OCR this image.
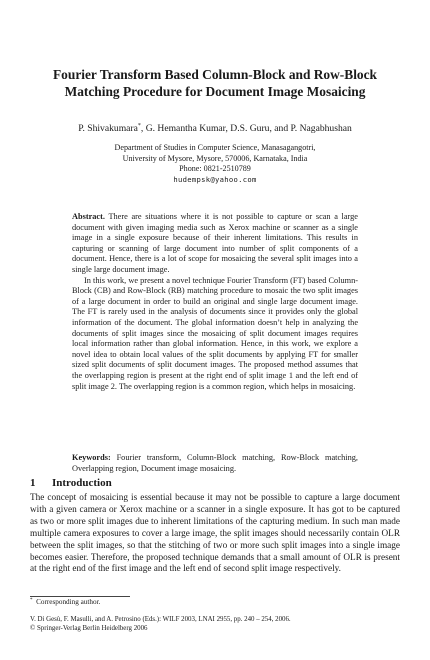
Fourier Transform Based Column-Block and Row-Block
Matching Procedure for Document Image Mosaicing
P. Shivakumara*, G. Hemantha Kumar, D.S. Guru, and P. Nagabhushan
Department of Studies in Computer Science, Manasagangotri,
University of Mysore, Mysore, 570006, Karnataka, India
Phone: 0821-2510789
hudempsk@yahoo.com

Abstract. There are situations where it is not possible to capture or scan a large document with given imaging media such as Xerox machine or scanner as a single image in a single exposure because of their inherent limitations. This results in capturing or scanning of large document into number of split components of a document. Hence, there is a lot of scope for mosaicing the several split images into a single large document image.

In this work, we present a novel technique Fourier Transform (FT) based Column-Block (CB) and Row-Block (RB) matching procedure to mosaic the two split images of a large document in order to build an original and single large document image. The FT is rarely used in the analysis of documents since it provides only the global information of the document. The global information doesn’t help in analyzing the documents of split images since the mosaicing of split document images requires local information rather than global information. Hence, in this work, we explore a novel idea to obtain local values of the split documents by applying FT for smaller sized split documents of split document images. The proposed method assumes that the overlapping region is present at the right end of split image 1 and the left end of split image 2. The overlapping region is a common region, which helps in mosaicing.

Keywords: Fourier transform, Column-Block matching, Row-Block matching, Overlapping region, Document image mosaicing.
1 Introduction

The concept of mosaicing is essential because it may not be possible to capture a large document with a given camera or Xerox machine or a scanner in a single exposure. It has got to be captured as two or more split images due to inherent limitations of the capturing medium. In such man made multiple camera exposures to cover a large image, the split images should necessarily contain OLR between the split images, so that the stitching of two or more such split images into a single image becomes easier. Therefore, the proposed technique demands that a small amount of OLR is present at the right end of the first image and the left end of second split image respectively.

* Corresponding author.
V. Di Gesù, F. Masulli, and A. Petrosino (Eds.): WILF 2003, LNAI 2955, pp. 240 – 254, 2006.
© Springer-Verlag Berlin Heidelberg 2006
